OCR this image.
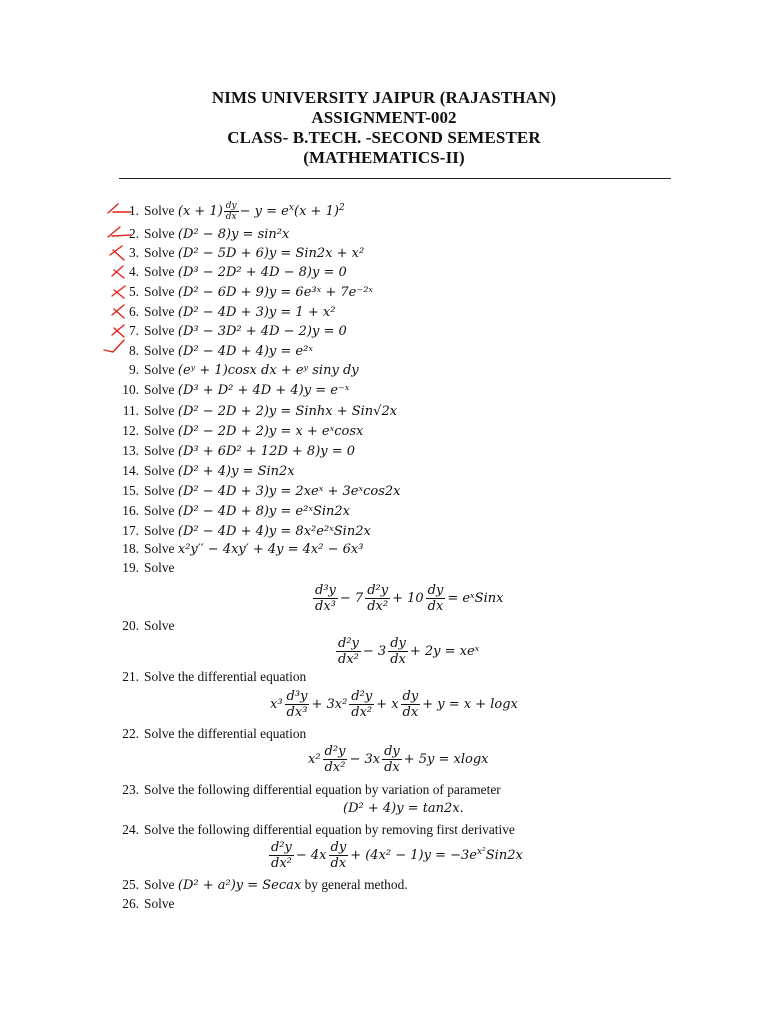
NIMS UNIVERSITY JAIPUR (RAJASTHAN)
ASSIGNMENT-002
CLASS- B.TECH. -SECOND SEMESTER
(MATHEMATICS-II)
1. Solve $(x + 1) \frac{dy}{dx} - y = e^x(x + 1)^2$
2. Solve (D² − 8)y = sin²x
3. Solve (D² − 5D + 6)y = Sin2x + x²
4. Solve (D³ − 2D² + 4D − 8)y = 0
5. Solve (D² − 6D + 9)y = 6e³ˣ + 7e⁻²ˣ
6. Solve (D² − 4D + 3)y = 1 + x²
7. Solve (D³ − 3D² + 4D − 2)y = 0
8. Solve (D² − 4D + 4)y = e²ˣ
9. Solve (eʸ + 1)cosx dx + eʸ siny dy
10. Solve (D³ + D² + 4D + 4)y = e⁻ˣ
11. Solve (D² − 2D + 2)y = Sinhx + Sin√2x
12. Solve (D² − 2D + 2)y = x + eˣcosx
13. Solve (D³ + 6D² + 12D + 8)y = 0
14. Solve (D² + 4)y = Sin2x
15. Solve (D² − 4D + 3)y = 2xeˣ + 3eˣcos2x
16. Solve (D² − 4D + 8)y = e²ˣSin2x
17. Solve (D² − 4D + 4)y = 8x²e²ˣSin2x
18. Solve x²y′′ − 4xy′ + 4y = 4x² − 6x³
19. Solve
$\frac{\text{d³y}}{\text{dx³}} - 7 \frac{\text{d²y}}{\text{dx²}} + 10 \frac{dy}{dx}$ = eˣSinx
20. Solve
$\frac{\text{d²y}}{\text{dx²}} - 3 \frac{dy}{dx} + 2y$ = xeˣ
21. Solve the differential equation
$x^3 \frac{\text{d³y}}{\text{dx³}} + 3x^2 \frac{\text{d²y}}{\text{dx²}} + x \frac{dy}{dx} + y = x + \log x$
22. Solve the differential equation
$x^2 \frac{\text{d²y}}{\text{dx²}} - 3x \frac{dy}{dx} + 5y = xlogx$
23. Solve the following differential equation by variation of parameter
(D² + 4)y = tan2x.
24. Solve the following differential equation by removing first derivative
$\frac{\text{d²y}}{\text{dx²}} - 4x \frac{dy}{dx} + (4x^2 - 1)y = -3e^{x^2}Sin2x$
25. Solve (D² + a²)y = Secax by general method.
26. Solve
